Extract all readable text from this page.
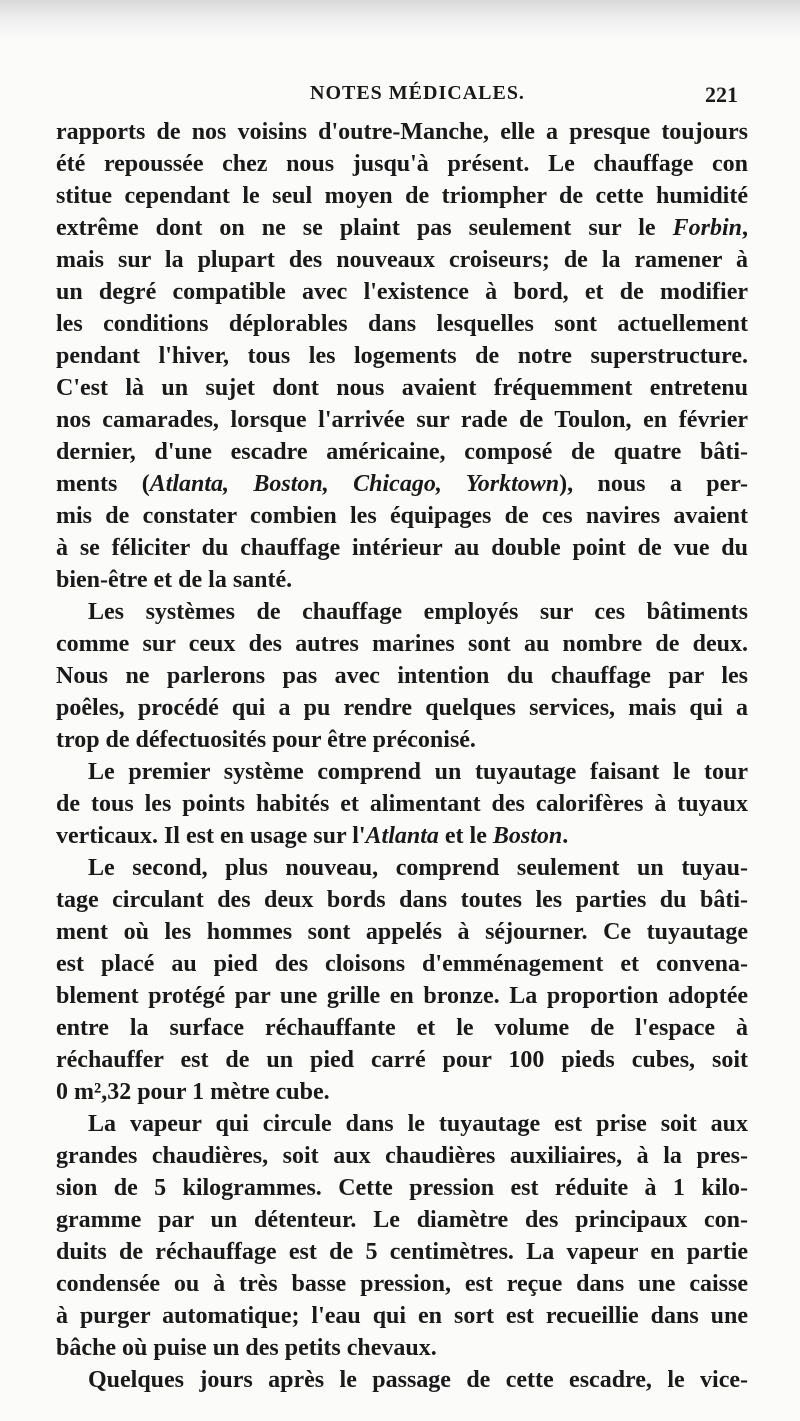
NOTES MÉDICALES.	221
rapports de nos voisins d'outre-Manche, elle a presque toujours
été repoussée chez nous jusqu'à présent. Le chauffage con
stitue cependant le seul moyen de triompher de cette humidité
extrême dont on ne se plaint pas seulement sur le Forbin,
mais sur la plupart des nouveaux croiseurs; de la ramener à
un degré compatible avec l'existence à bord, et de modifier
les conditions déplorables dans lesquelles sont actuellement
pendant l'hiver, tous les logements de notre superstructure.
C'est là un sujet dont nous avaient fréquemment entretenu
nos camarades, lorsque l'arrivée sur rade de Toulon, en février
dernier, d'une escadre américaine, composé de quatre bâti-
ments (Atlanta, Boston, Chicago, Yorktown), nous a per-
mis de constater combien les équipages de ces navires avaient
à se féliciter du chauffage intérieur au double point de vue du
bien-être et de la santé.
Les systèmes de chauffage employés sur ces bâtiments
comme sur ceux des autres marines sont au nombre de deux.
Nous ne parlerons pas avec intention du chauffage par les
poêles, procédé qui a pu rendre quelques services, mais qui a
trop de défectuosités pour être préconisé.
Le premier système comprend un tuyautage faisant le tour
de tous les points habités et alimentant des calorifères à tuyaux
verticaux. Il est en usage sur l'Atlanta et le Boston.
Le second, plus nouveau, comprend seulement un tuyau-
tage circulant des deux bords dans toutes les parties du bâti-
ment où les hommes sont appelés à séjourner. Ce tuyautage
est placé au pied des cloisons d'emménagement et convena-
blement protégé par une grille en bronze. La proportion adoptée
entre la surface réchauffante et le volume de l'espace à
réchauffer est de un pied carré pour 100 pieds cubes, soit
0 m²,32 pour 1 mètre cube.
La vapeur qui circule dans le tuyautage est prise soit aux
grandes chaudières, soit aux chaudières auxiliaires, à la pres-
sion de 5 kilogrammes. Cette pression est réduite à 1 kilo-
gramme par un détenteur. Le diamètre des principaux con-
duits de réchauffage est de 5 centimètres. La vapeur en partie
condensée ou à très basse pression, est reçue dans une caisse
à purger automatique; l'eau qui en sort est recueillie dans une
bâche où puise un des petits chevaux.
Quelques jours après le passage de cette escadre, le vice-
